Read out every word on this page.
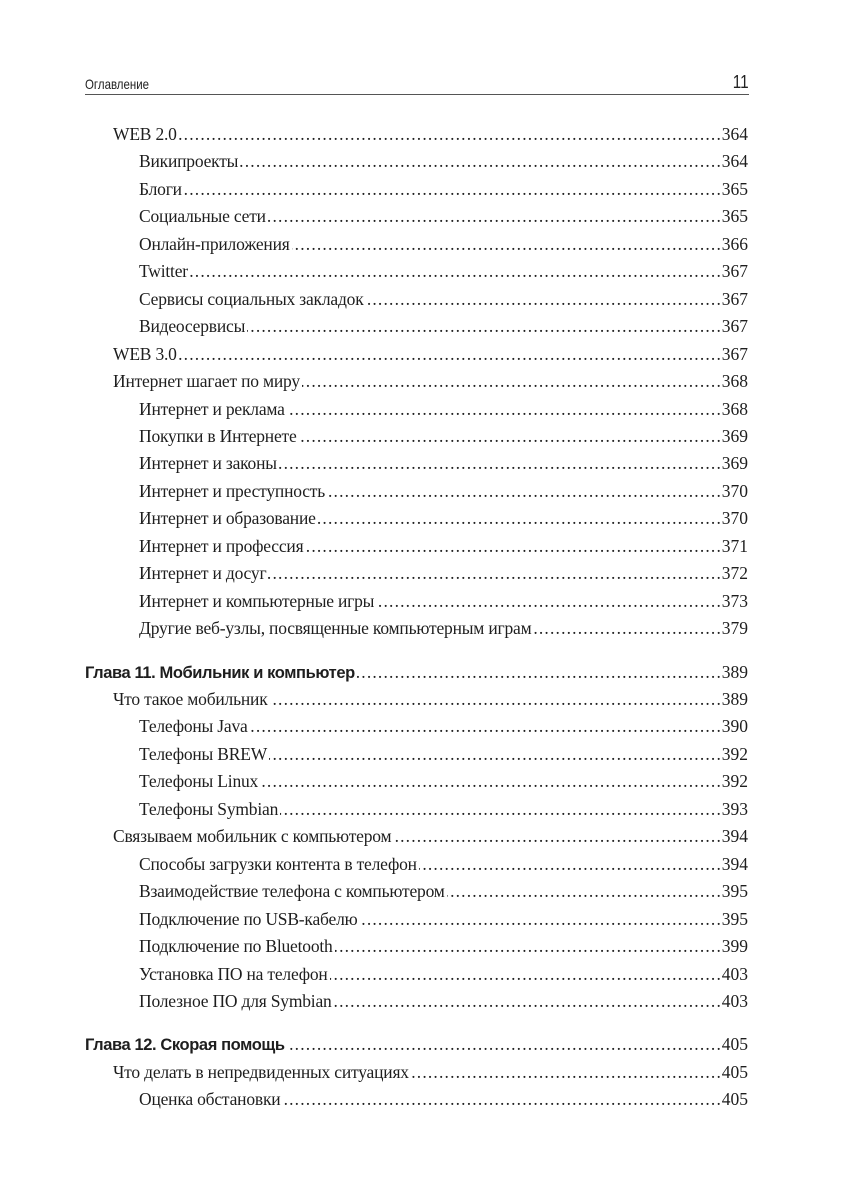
Оглавление	11
WEB 2.0 . . .	364
Википроекты . . .	364
Блоги . . .	365
Социальные сети . . .	365
Онлайн-приложения . . .	366
Twitter . . .	367
Сервисы социальных закладок . . .	367
Видеосервисы . . .	367
WEB 3.0 . . .	367
Интернет шагает по миру . . .	368
Интернет и реклама . . .	368
Покупки в Интернете . . .	369
Интернет и законы . . .	369
Интернет и преступность . . .	370
Интернет и образование . . .	370
Интернет и профессия . . .	371
Интернет и досуг . . .	372
Интернет и компьютерные игры . . .	373
Другие веб-узлы, посвященные компьютерным играм . . .	379
Глава 11. Мобильник и компьютер . . .	389
Что такое мобильник . . .	389
Телефоны Java . . .	390
Телефоны BREW . . .	392
Телефоны Linux . . .	392
Телефоны Symbian . . .	393
Связываем мобильник с компьютером . . .	394
Способы загрузки контента в телефон . . .	394
Взаимодействие телефона с компьютером . . .	395
Подключение по USB-кабелю . . .	395
Подключение по Bluetooth . . .	399
Установка ПО на телефон . . .	403
Полезное ПО для Symbian . . .	403
Глава 12. Скорая помощь . . .	405
Что делать в непредвиденных ситуациях . . .	405
Оценка обстановки . . .	405
